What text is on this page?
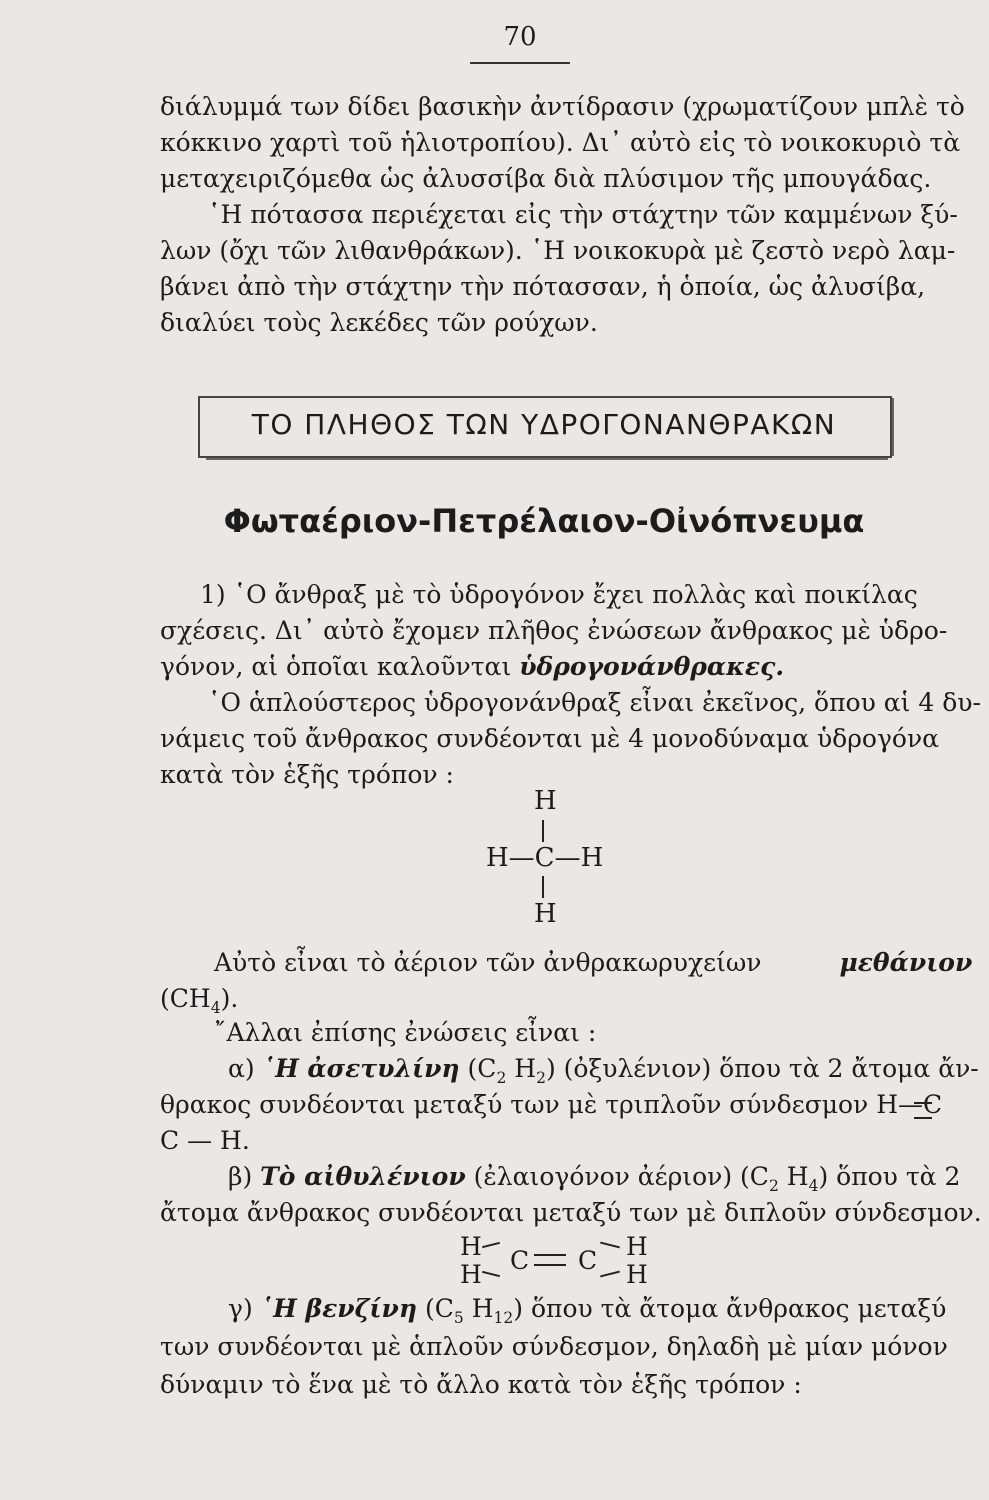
70
διάλυμμά των δίδει βασικὴν ἀντίδρασιν (χρωματίζουν μπλὲ τὸ
κόκκινο χαρτὶ τοῦ ἡλιοτροπίου). Δι᾽ αὐτὸ εἰς τὸ νοικοκυριὸ τὰ
μεταχειριζόμεθα ὡς ἀλυσσίβα διὰ πλύσιμον τῆς μπουγάδας.
῾Η πότασσα περιέχεται εἰς τὴν στάχτην τῶν καμμένων ξύ-
λων (ὄχι τῶν λιθανθράκων). ῾Η νοικοκυρὰ μὲ ζεστὸ νερὸ λαμ-
βάνει ἀπὸ τὴν στάχτην τὴν πότασσαν, ἡ ὁποία, ὡς ἀλυσίβα,
διαλύει τοὺς λεκέδες τῶν ρούχων.
ΤΟ ΠΛΗΘΟΣ ΤΩΝ ΥΔΡΟΓΟΝΑΝΘΡΑΚΩΝ
Φωταέριον-Πετρέλαιον-Οἰνόπνευμα
1) ῾Ο ἄνθραξ μὲ τὸ ὑδρογόνον ἔχει πολλὰς καὶ ποικίλας
σχέσεις. Δι᾽ αὐτὸ ἔχομεν πλῆθος ἐνώσεων ἄνθρακος μὲ ὑδρο-
γόνον, αἱ ὁποῖαι καλοῦνται ὑδρογονάνθρακες.
῾Ο ἁπλούστερος ὑδρογονάνθραξ εἶναι ἐκεῖνος, ὅπου αἱ 4 δυ-
νάμεις τοῦ ἄνθρακος συνδέονται μὲ 4 μονοδύναμα ὑδρογόνα
κατὰ τὸν ἑξῆς τρόπον :
H
H—C—H
H
Αὐτὸ εἶναι τὸ ἀέριον τῶν ἀνθρακωρυχείων	μεθάνιον
$(CH_4)$.
῎Αλλαι ἐπίσης ἐνώσεις εἶναι :
α) ῾Η ἀσετυλίνη ($C_2$ $H_2$) (ὀξυλένιον) ὅπου τὰ 2 ἄτομα ἄν-
θρακος συνδέονται μεταξύ των μὲ τριπλοῦν σύνδεσμον H—C
C — H.
β) Τὸ αἰθυλένιον (ἐλαιογόνον ἀέριον) ($C_2$ $H_4$) ὅπου τὰ 2
ἄτομα ἄνθρακος συνδέονται μεταξύ των μὲ διπλοῦν σύνδεσμον.
H
H C C H
H
γ) ῾Η βενζίνη ($C_5$ $H_{12}$) ὅπου τὰ ἄτομα ἄνθρακος μεταξύ
των συνδέονται μὲ ἁπλοῦν σύνδεσμον, δηλαδὴ μὲ μίαν μόνον
δύναμιν τὸ ἕνα μὲ τὸ ἄλλο κατὰ τὸν ἑξῆς τρόπον :
